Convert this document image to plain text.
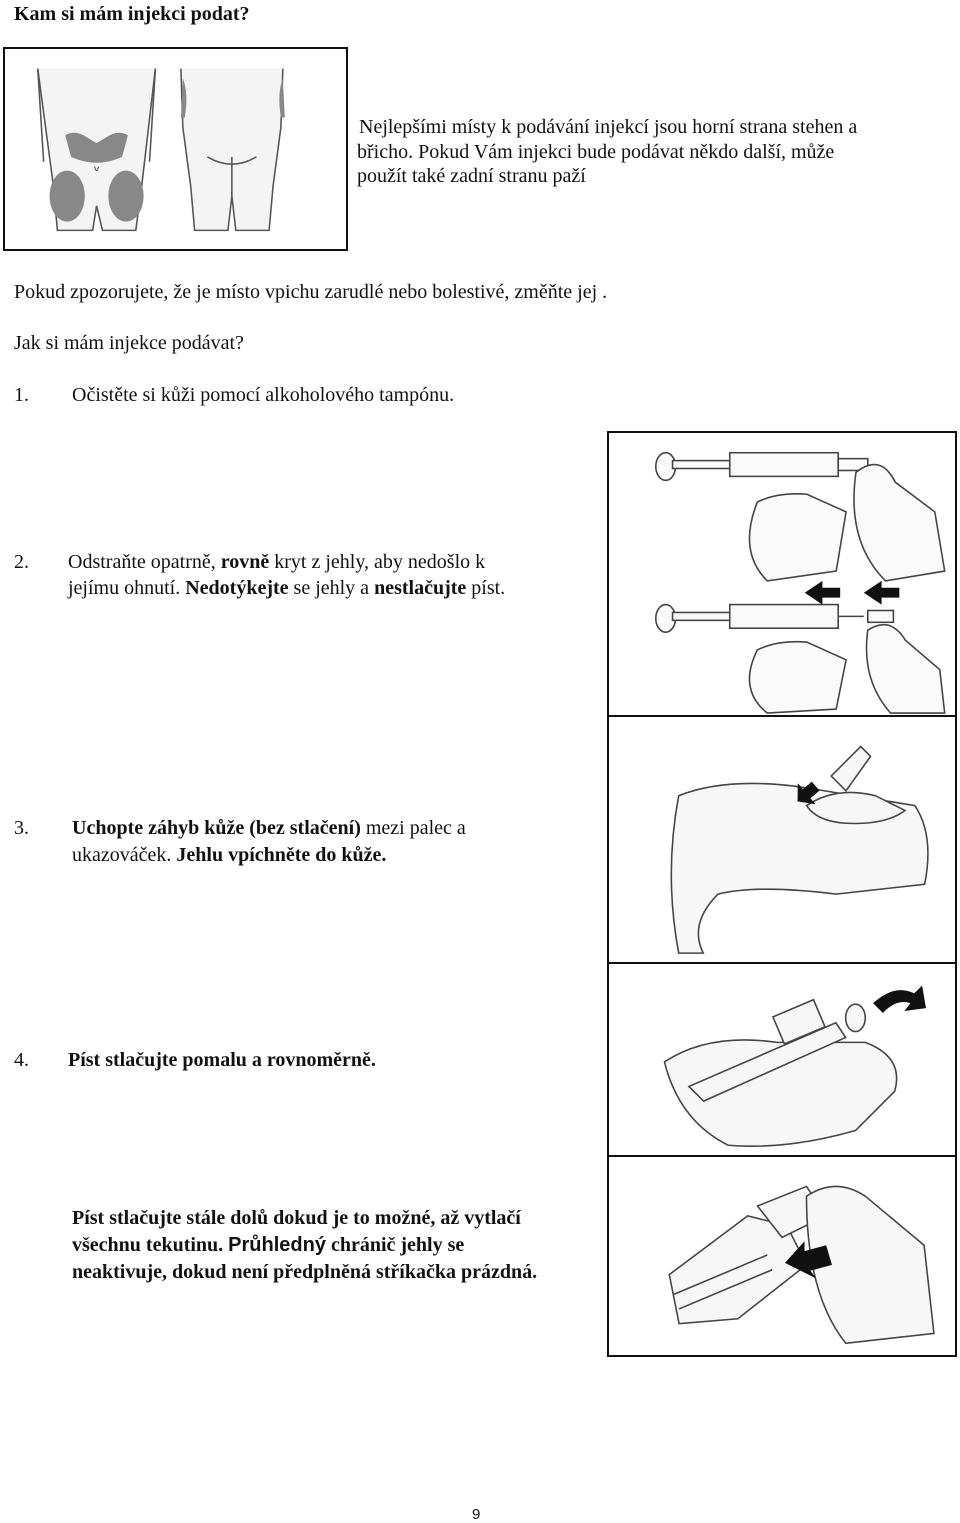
Kam si mám injekci podat?
Nejlepšími místy k podávání injekcí jsou horní strana stehen a
břicho. Pokud Vám injekci bude podávat někdo další, může
použít také zadní stranu paží
Pokud zpozorujete, že je místo vpichu zarudlé nebo bolestivé, změňte jej .
Jak si mám injekce podávat?
1. Očistěte si kůži pomocí alkoholového tampónu.
2. Odstraňte opatrně, rovně kryt z jehly, aby nedošlo k
jejímu ohnutí. Nedotýkejte se jehly a nestlačujte píst.
3. Uchopte záhyb kůže (bez stlačení) mezi palec a
ukazováček. Jehlu vpíchněte do kůže.
4. Píst stlačujte pomalu a rovnoměrně.
Píst stlačujte stále dolů dokud je to možné, až vytlačí
všechnu tekutinu. Průhledný chránič jehly se
neaktivuje, dokud není předplněná stříkačka prázdná.
9
